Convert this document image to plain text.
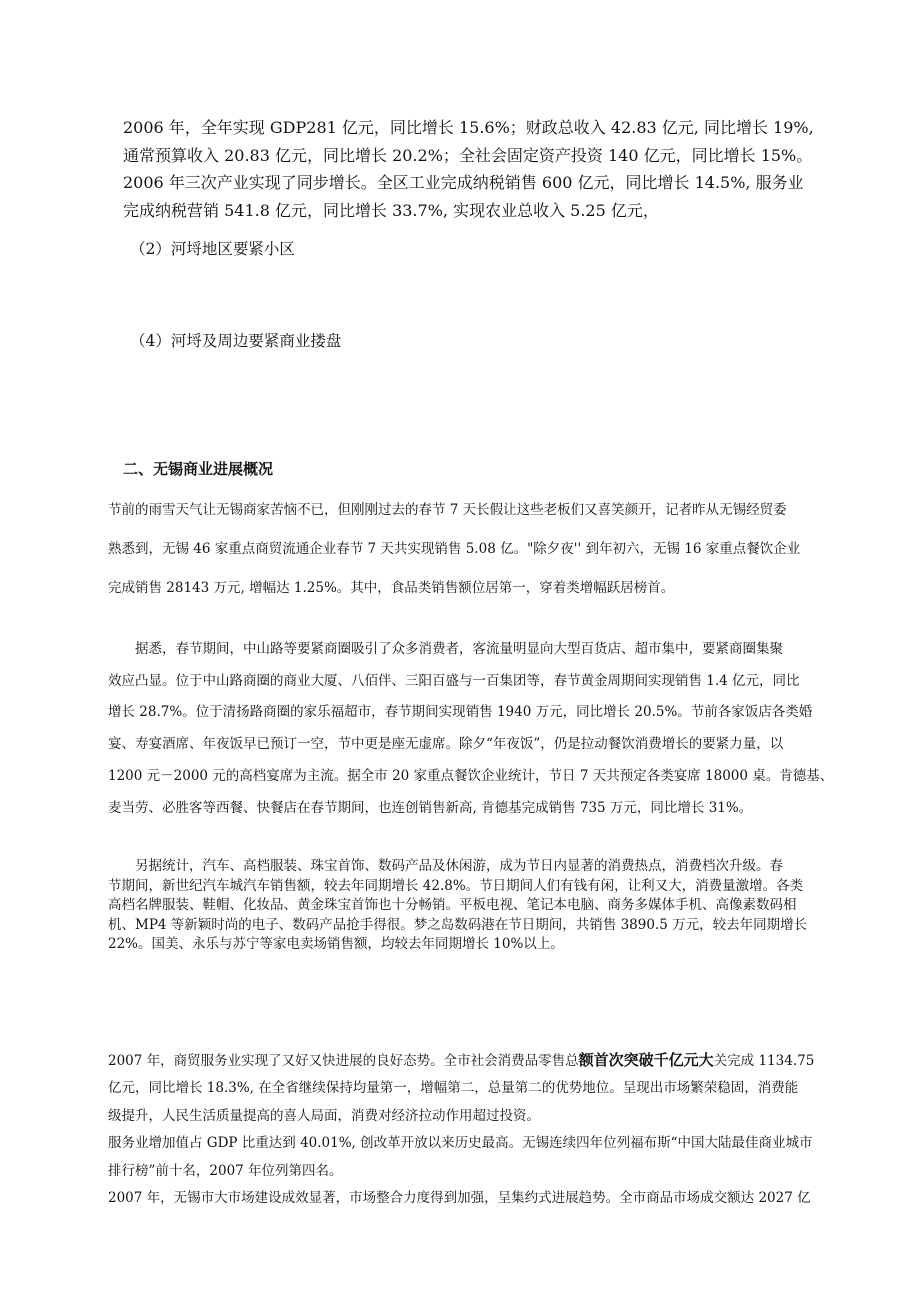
2006 年，全年实现 GDP281 亿元，同比增长 15.6%；财政总收入 42.83 亿元, 同比增长 19%,
通常预算收入 20.83 亿元，同比增长 20.2%；全社会固定资产投资 140 亿元，同比增长 15%。
2006 年三次产业实现了同步增长。全区工业完成纳税销售 600 亿元，同比增长 14.5%, 服务业
完成纳税营销 541.8 亿元，同比增长 33.7%, 实现农业总收入 5.25 亿元，
（2）河埒地区要紧小区
（4）河埒及周边要紧商业搂盘
二、无锡商业进展概况
节前的雨雪天气让无锡商家苦恼不已，但刚刚过去的春节 7 天长假让这些老板们又喜笑颜开，记者昨从无锡经贸委
熟悉到，无锡 46 家重点商贸流通企业春节 7 天共实现销售 5.08 亿。"除夕夜'' 到年初六，无锡 16 家重点餐饮企业
完成销售 28143 万元, 增幅达 1.25%。其中，食品类销售额位居第一，穿着类增幅跃居榜首。
　　据悉，春节期间，中山路等要紧商圈吸引了众多消费者，客流量明显向大型百货店、超市集中，要紧商圈集聚
效应凸显。位于中山路商圈的商业大厦、八佰伴、三阳百盛与一百集团等，春节黄金周期间实现销售 1.4 亿元，同比
增长 28.7%。位于清扬路商圈的家乐福超市，春节期间实现销售 1940 万元，同比增长 20.5%。节前各家饭店各类婚
宴、寿宴酒席、年夜饭早已预订一空，节中更是座无虚席。除夕“年夜饭”，仍是拉动餐饮消费增长的要紧力量，以
1200 元－2000 元的高档宴席为主流。据全市 20 家重点餐饮企业统计，节日 7 天共预定各类宴席 18000 桌。肯德基、
麦当劳、必胜客等西餐、快餐店在春节期间，也连创销售新高, 肯德基完成销售 735 万元，同比增长 31%。
　　另据统计，汽车、高档服装、珠宝首饰、数码产品及休闲游，成为节日内显著的消费热点，消费档次升级。春
节期间，新世纪汽车城汽车销售额，较去年同期增长 42.8%。节日期间人们有钱有闲，让利又大，消费量激增。各类
高档名牌服装、鞋帽、化妆品、黄金珠宝首饰也十分畅销。平板电视、笔记本电脑、商务多媒体手机、高像素数码相
机、MP4 等新颖时尚的电子、数码产品抢手得很。梦之岛数码港在节日期间，共销售 3890.5 万元，较去年同期增长
22%。国美、永乐与苏宁等家电卖场销售额，均较去年同期增长 10%以上。
2007 年，商贸服务业实现了又好又快进展的良好态势。全市社会消费品零售总额首次突破千亿元大关完成 1134.75
亿元，同比增长 18.3%, 在全省继续保持均量第一，增幅第二，总量第二的优势地位。呈现出市场繁荣稳固，消费能
级提升，人民生活质量提高的喜人局面，消费对经济拉动作用超过投资。
服务业增加值占 GDP 比重达到 40.01%, 创改革开放以来历史最高。无锡连续四年位列福布斯“中国大陆最佳商业城市
排行榜”前十名，2007 年位列第四名。
2007 年，无锡市大市场建设成效显著，市场整合力度得到加强，呈集约式进展趋势。全市商品市场成交额达 2027 亿
